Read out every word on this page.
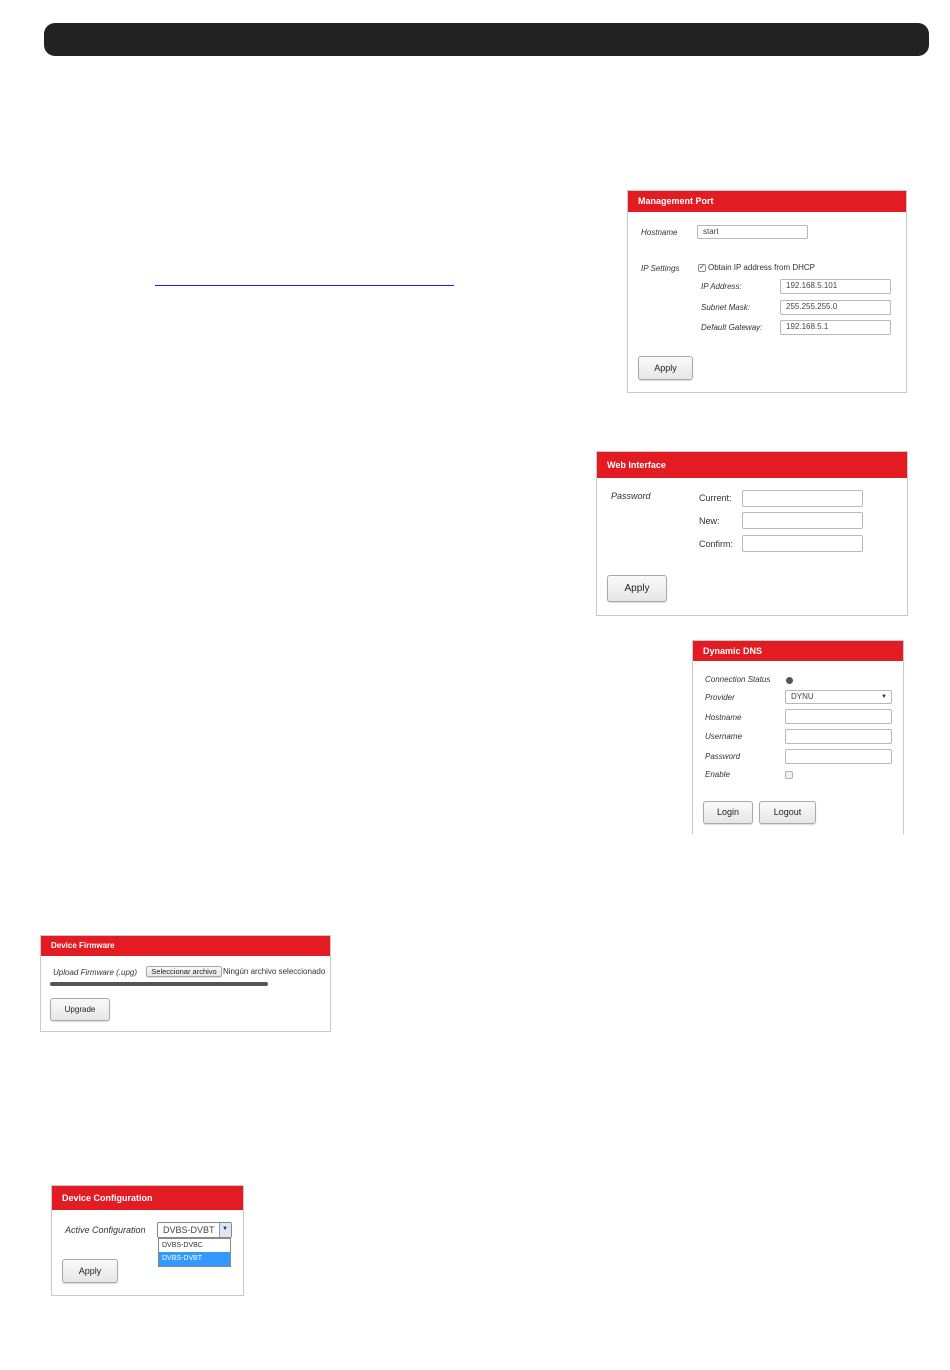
Management Port
Hostname	start
IP Settings	✓ Obtain IP address from DHCP
IP Address:	192.168.5.101
Subnet Mask:	255.255.255.0
Default Gateway:	192.168.5.1
Apply
Web Interface
Password	Current:
New:
Confirm:
Apply
Dynamic DNS
Connection Status
Provider	DYNU	▼
Hostname
Username
Password
Enable
Login	Logout
Device Firmware
Upload Firmware (.upg)	Seleccionar archivo Ningún archivo seleccionado
Upgrade
Device Configuration
Active Configuration	DVBS-DVBT	▼
DVBS-DVBC
DVBS-DVBT
Apply
